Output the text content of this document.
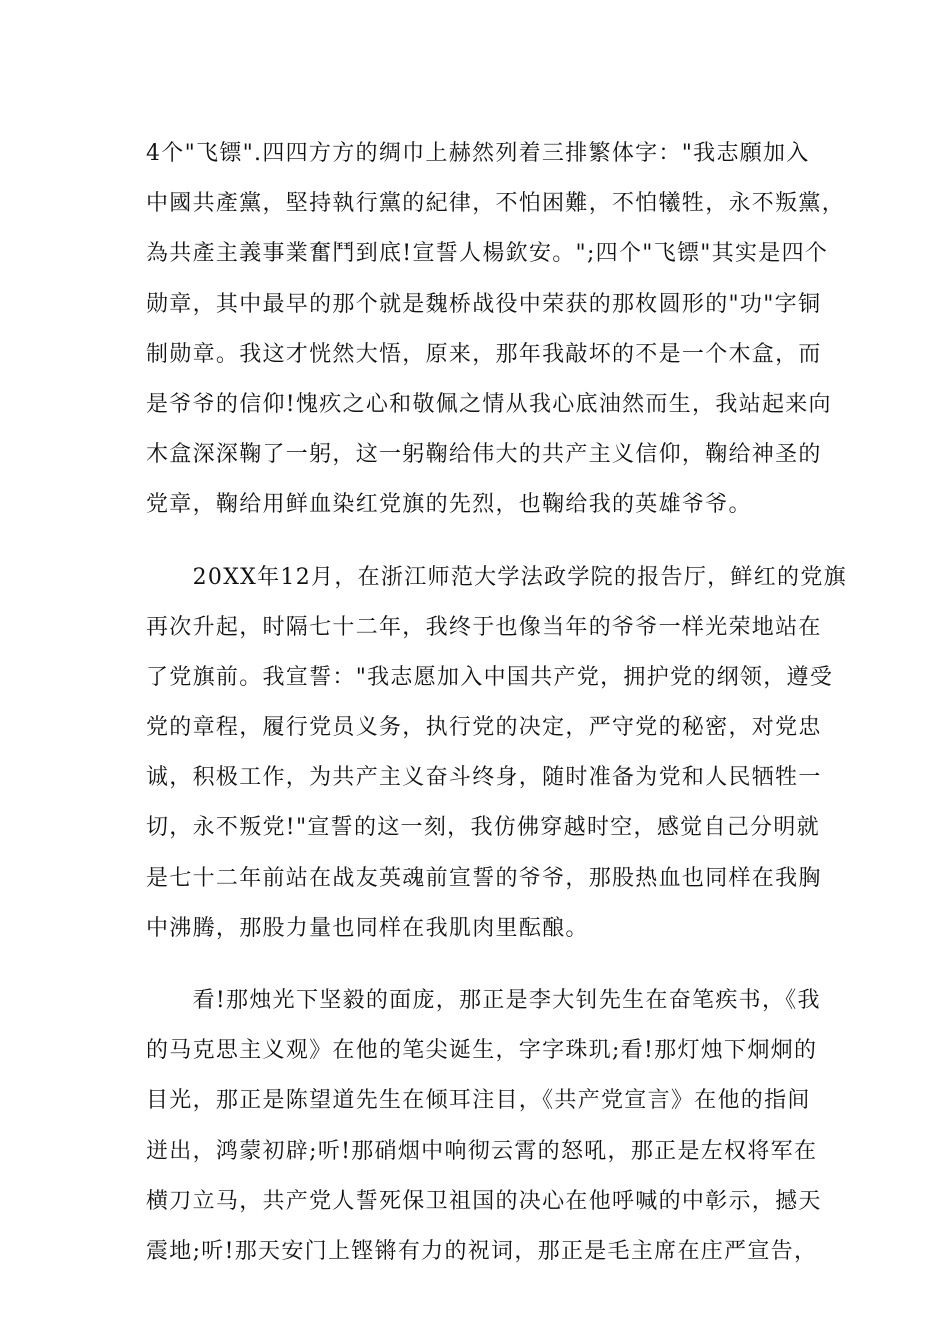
4个"飞镖".四四方方的绸巾上赫然列着三排繁体字："我志願加入
中國共產黨，堅持執行黨的紀律，不怕困難，不怕犧牲，永不叛黨，
為共產主義事業奮鬥到底!宣誓人楊欽安。";四个"飞镖"其实是四个
勋章，其中最早的那个就是魏桥战役中荣获的那枚圆形的"功"字铜
制勋章。我这才恍然大悟，原来，那年我敲坏的不是一个木盒，而
是爷爷的信仰!愧疚之心和敬佩之情从我心底油然而生，我站起来向
木盒深深鞠了一躬，这一躬鞠给伟大的共产主义信仰，鞠给神圣的
党章，鞠给用鲜血染红党旗的先烈，也鞠给我的英雄爷爷。
　　20XX年12月，在浙江师范大学法政学院的报告厅，鲜红的党旗
再次升起，时隔七十二年，我终于也像当年的爷爷一样光荣地站在
了党旗前。我宣誓："我志愿加入中国共产党，拥护党的纲领，遵受
党的章程，履行党员义务，执行党的决定，严守党的秘密，对党忠
诚，积极工作，为共产主义奋斗终身，随时准备为党和人民牺牲一
切，永不叛党!"宣誓的这一刻，我仿佛穿越时空，感觉自己分明就
是七十二年前站在战友英魂前宣誓的爷爷，那股热血也同样在我胸
中沸腾，那股力量也同样在我肌肉里酝酿。
　　看!那烛光下坚毅的面庞，那正是李大钊先生在奋笔疾书，《我
的马克思主义观》在他的笔尖诞生，字字珠玑;看!那灯烛下炯炯的
目光，那正是陈望道先生在倾耳注目，《共产党宣言》在他的指间
迸出，鸿蒙初辟;听!那硝烟中响彻云霄的怒吼，那正是左权将军在
横刀立马，共产党人誓死保卫祖国的决心在他呼喊的中彰示，撼天
震地;听!那天安门上铿锵有力的祝词，那正是毛主席在庄严宣告，
